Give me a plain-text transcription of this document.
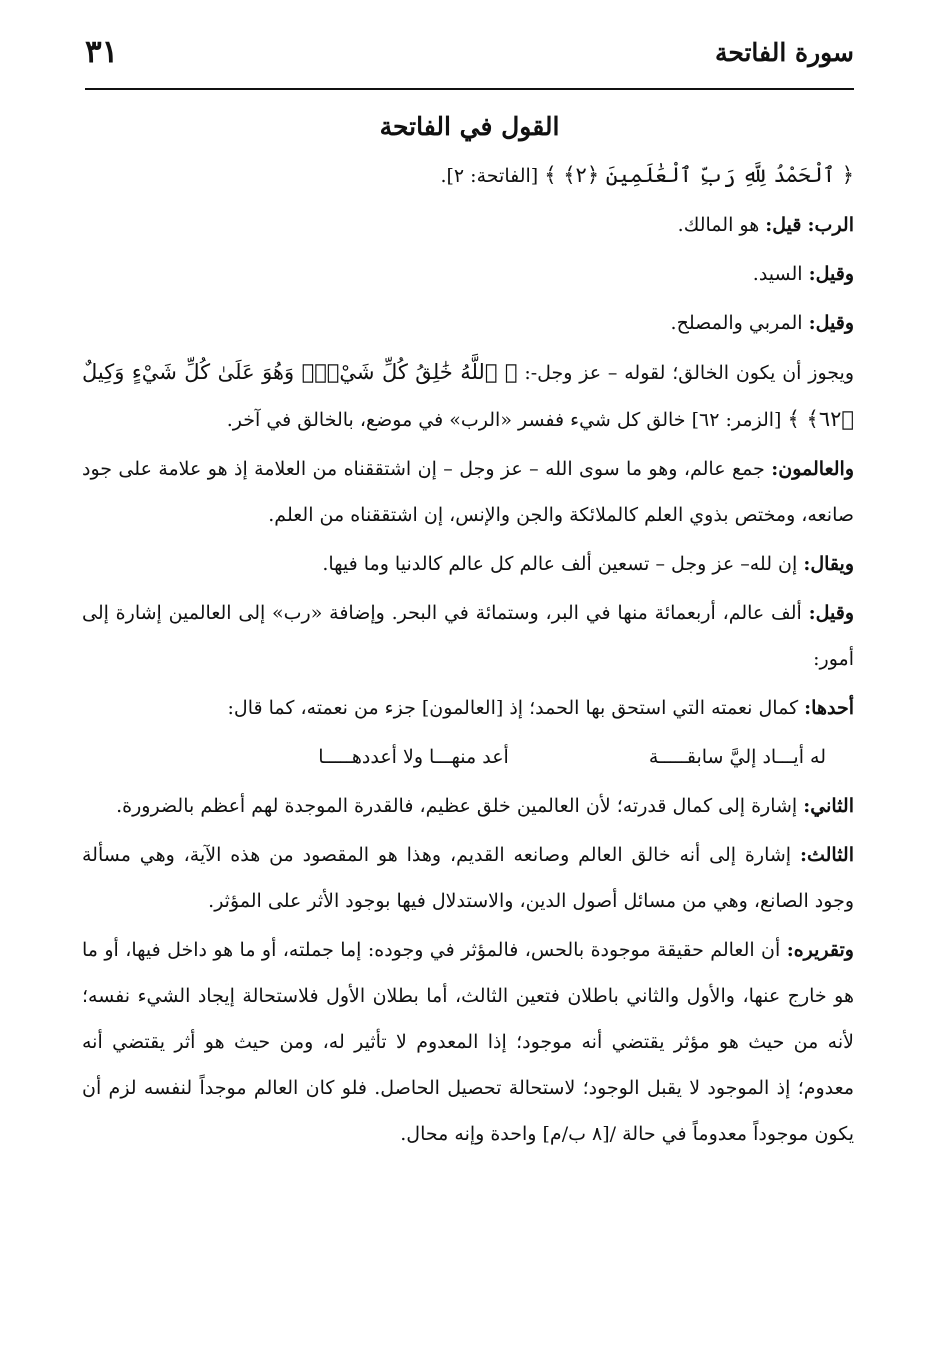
سورة الفاتحة
٣١
القول في الفاتحة

﴿ ٱلْحَمْدُ لِلَّهِ رَبِّ ٱلْعَٰلَمِينَ ﴿٢﴾ ﴾ [الفاتحة: ٢].

الرب: قيل: هو المالك.

وقيل: السيد.

وقيل: المربي والمصلح.

ويجوز أن يكون الخالق؛ لقوله – عز وجل-: ﴿ ٱللَّهُ خَٰلِقُ كُلِّ شَيْءٍۖ وَهُوَ عَلَىٰ كُلِّ شَيْءٍ وَكِيلٌ ﴿٦٢﴾ ﴾ [الزمر: ٦٢] خالق كل شيء ففسر «الرب» في موضع، بالخالق في آخر.

والعالمون: جمع عالم، وهو ما سوى الله – عز وجل – إن اشتققناه من العلامة إذ هو علامة على جود صانعه، ومختص بذوي العلم كالملائكة والجن والإنس، إن اشتققناه من العلم.

ويقال: إن لله– عز وجل – تسعين ألف عالم كل عالم كالدنيا وما فيها.

وقيل: ألف عالم، أربعمائة منها في البر، وستمائة في البحر. وإضافة «رب» إلى العالمين إشارة إلى أمور:

أحدها: كمال نعمته التي استحق بها الحمد؛ إذ [العالمون] جزء من نعمته، كما قال:

له أيـــاد إليَّ سابقـــــة
أعد منهـــا ولا أعددهـــــا

الثاني: إشارة إلى كمال قدرته؛ لأن العالمين خلق عظيم، فالقدرة الموجدة لهم أعظم بالضرورة.

الثالث: إشارة إلى أنه خالق العالم وصانعه القديم، وهذا هو المقصود من هذه الآية، وهي مسألة وجود الصانع، وهي من مسائل أصول الدين، والاستدلال فيها بوجود الأثر على المؤثر.

وتقريره: أن العالم حقيقة موجودة بالحس، فالمؤثر في وجوده: إما جملته، أو ما هو داخل فيها، أو ما هو خارج عنها، والأول والثاني باطلان فتعين الثالث، أما بطلان الأول فلاستحالة إيجاد الشيء نفسه؛ لأنه من حيث هو مؤثر يقتضي أنه موجود؛ إذا المعدوم لا تأثير له، ومن حيث هو أثر يقتضي أنه معدوم؛ إذ الموجود لا يقبل الوجود؛ لاستحالة تحصيل الحاصل. فلو كان العالم موجداً لنفسه لزم أن يكون موجوداً معدوماً في حالة /[٨ ب/م] واحدة وإنه محال.
